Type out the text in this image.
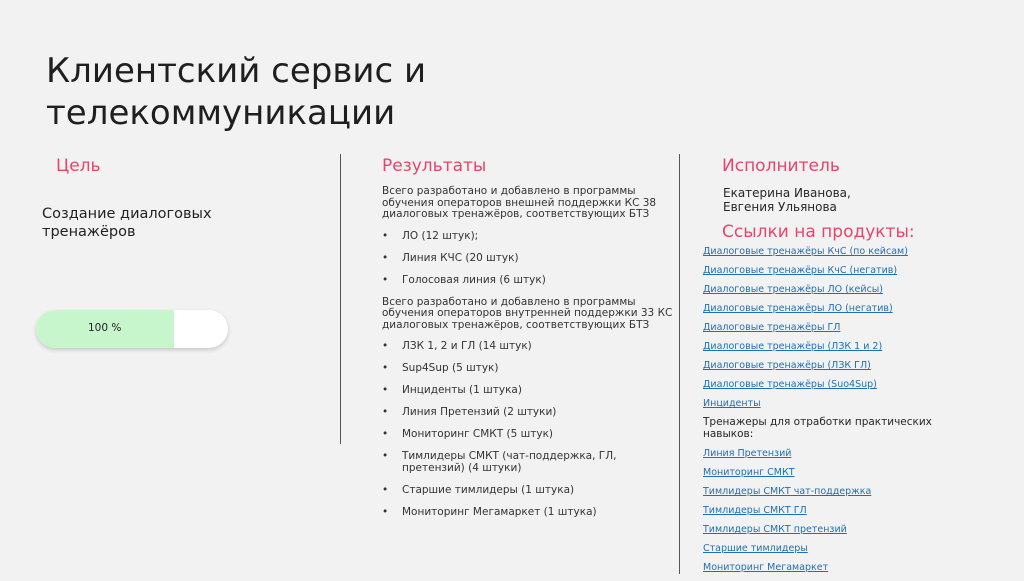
Клиентский сервис и
телекоммуникации
Цель
Создание диалоговых
тренажёров
100 %
Результаты

Всего разработано и добавлено в программы обучения операторов внешней поддержки КС 38 диалоговых тренажёров, соответствующих БТЗ

• ЛО (12 штук);
• Линия КЧС (20 штук)
• Голосовая линия (6 штук)

Всего разработано и добавлено в программы обучения операторов внутренней поддержки 33 КС диалоговых тренажёров, соответствующих БТЗ

• ЛЗК 1, 2 и ГЛ (14 штук)
• Sup4Sup (5 штук)
• Инциденты (1 штука)
• Линия Претензий (2 штуки)
• Мониторинг СМКТ (5 штук)
• Тимлидеры СМКТ (чат-поддержка, ГЛ, претензий) (4 штуки)
• Старшие тимлидеры (1 штука)
• Мониторинг Мегамаркет (1 штука)
Исполнитель
Екатерина Иванова,
Евгения Ульянова
Ссылки на продукты:
Диалоговые тренажёры КчС (по кейсам)
Диалоговые тренажёры КчС (негатив)
Диалоговые тренажёры ЛО (кейсы)
Диалоговые тренажёры ЛО (негатив)
Диалоговые тренажёры ГЛ
Диалоговые тренажёры (ЛЗК 1 и 2)
Диалоговые тренажёры (ЛЗК ГЛ)
Диалоговые тренажёры (Suo4Sup)
Инциденты
Тренажеры для отработки практических навыков:
Линия Претензий
Мониторинг СМКТ
Тимлидеры СМКТ чат-поддержка
Тимлидеры СМКТ ГЛ
Тимлидеры СМКТ претензий
Старшие тимлидеры
Мониторинг Мегамаркет
